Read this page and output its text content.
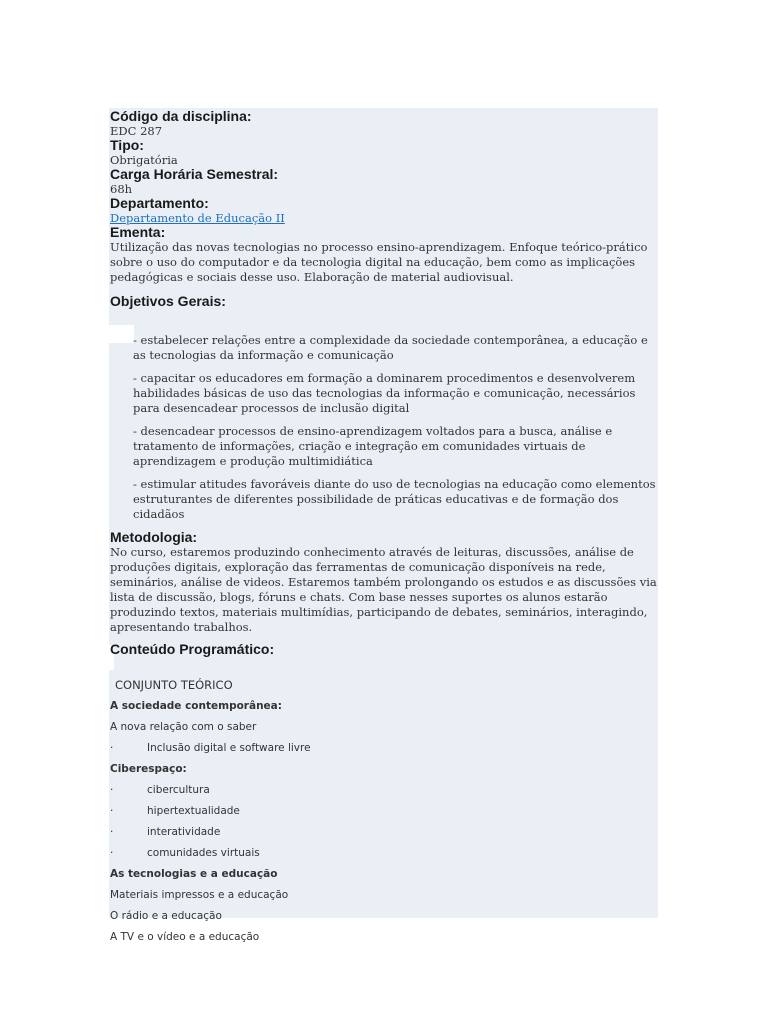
Código da disciplina:

EDC 287

Tipo:

Obrigatória

Carga Horária Semestral:

68h

Departamento:

Departamento de Educação II

Ementa:

Utilização das novas tecnologias no processo ensino-aprendizagem. Enfoque teórico-prático sobre o uso do computador e da tecnologia digital na educação, bem como as implicações pedagógicas e sociais desse uso. Elaboração de material audiovisual.

Objetivos Gerais:

- estabelecer relações entre a complexidade da sociedade contemporânea, a educação e as tecnologias da informação e comunicação
- capacitar os educadores em formação a dominarem procedimentos e desenvolverem habilidades básicas de uso das tecnologias da informação e comunicação, necessários para desencadear processos de inclusão digital
- desencadear processos de ensino-aprendizagem voltados para a busca, análise e tratamento de informações, criação e integração em comunidades virtuais de aprendizagem e produção multimidiática
- estimular atitudes favoráveis diante do uso de tecnologias na educação como elementos estruturantes de diferentes possibilidade de práticas educativas e de formação dos cidadãos

Metodologia:

No curso, estaremos produzindo conhecimento através de leituras, discussões, análise de produções digitais, exploração das ferramentas de comunicação disponíveis na rede, seminários, análise de videos. Estaremos também prolongando os estudos e as discussões via lista de discussão, blogs, fóruns e chats. Com base nesses suportes os alunos estarão produzindo textos, materiais multimídias, participando de debates, seminários, interagindo, apresentando trabalhos.

Conteúdo Programático:

CONJUNTO TEÓRICO

A sociedade contemporânea:

A nova relação com o saber

·	Inclusão digital e software livre

Ciberespaço:

·	cibercultura

·	hipertextualidade

·	interatividade

·	comunidades virtuais

As tecnologias e a educação

Materiais impressos e a educação

O rádio e a educação

A TV e o vídeo e a educação
